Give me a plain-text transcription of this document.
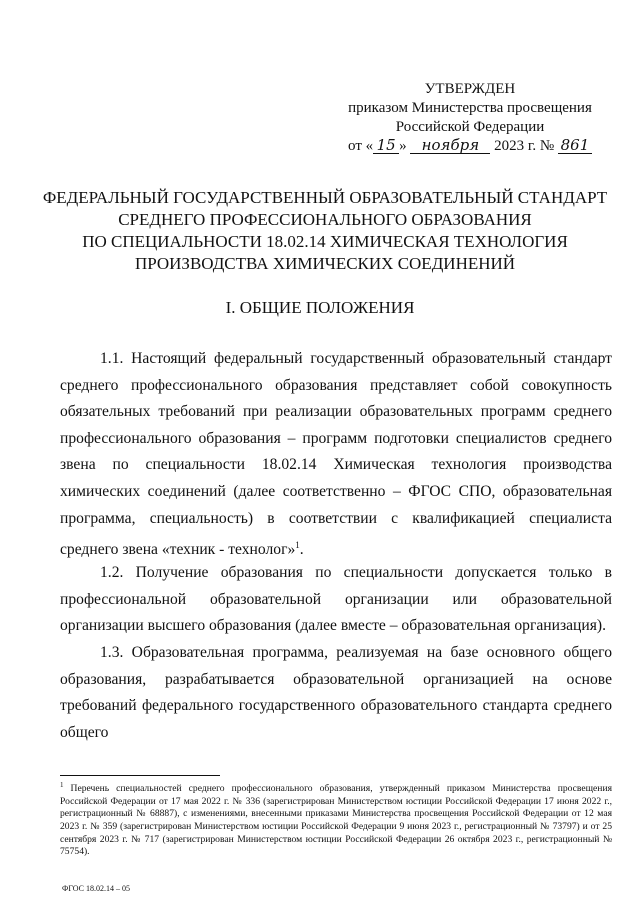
УТВЕРЖДЕН
приказом Министерства просвещения
Российской Федерации
от « 15 » ноября 2023 г. № 861
ФЕДЕРАЛЬНЫЙ ГОСУДАРСТВЕННЫЙ ОБРАЗОВАТЕЛЬНЫЙ СТАНДАРТ
СРЕДНЕГО ПРОФЕССИОНАЛЬНОГО ОБРАЗОВАНИЯ
ПО СПЕЦИАЛЬНОСТИ 18.02.14 ХИМИЧЕСКАЯ ТЕХНОЛОГИЯ
ПРОИЗВОДСТВА ХИМИЧЕСКИХ СОЕДИНЕНИЙ
I. ОБЩИЕ ПОЛОЖЕНИЯ

1.1. Настоящий федеральный государственный образовательный стандарт среднего профессионального образования представляет собой совокупность обязательных требований при реализации образовательных программ среднего профессионального образования – программ подготовки специалистов среднего звена по специальности 18.02.14 Химическая технология производства химических соединений (далее соответственно – ФГОС СПО, образовательная программа, специальность) в соответствии с квалификацией специалиста среднего звена «техник - технолог»$^1$.

1.2. Получение образования по специальности допускается только в профессиональной образовательной организации или образовательной организации высшего образования (далее вместе – образовательная организация).

1.3. Образовательная программа, реализуемая на базе основного общего образования, разрабатывается образовательной организацией на основе требований федерального государственного образовательного стандарта среднего общего

$^1$ Перечень специальностей среднего профессионального образования, утвержденный приказом Министерства просвещения Российской Федерации от 17 мая 2022 г. № 336 (зарегистрирован Министерством юстиции Российской Федерации 17 июня 2022 г., регистрационный № 68887), с изменениями, внесенными приказами Министерства просвещения Российской Федерации от 12 мая 2023 г. № 359 (зарегистрирован Министерством юстиции Российской Федерации 9 июня 2023 г., регистрационный № 73797) и от 25 сентября 2023 г. № 717 (зарегистрирован Министерством юстиции Российской Федерации 26 октября 2023 г., регистрационный № 75754).
ФГОС 18.02.14 – 05
